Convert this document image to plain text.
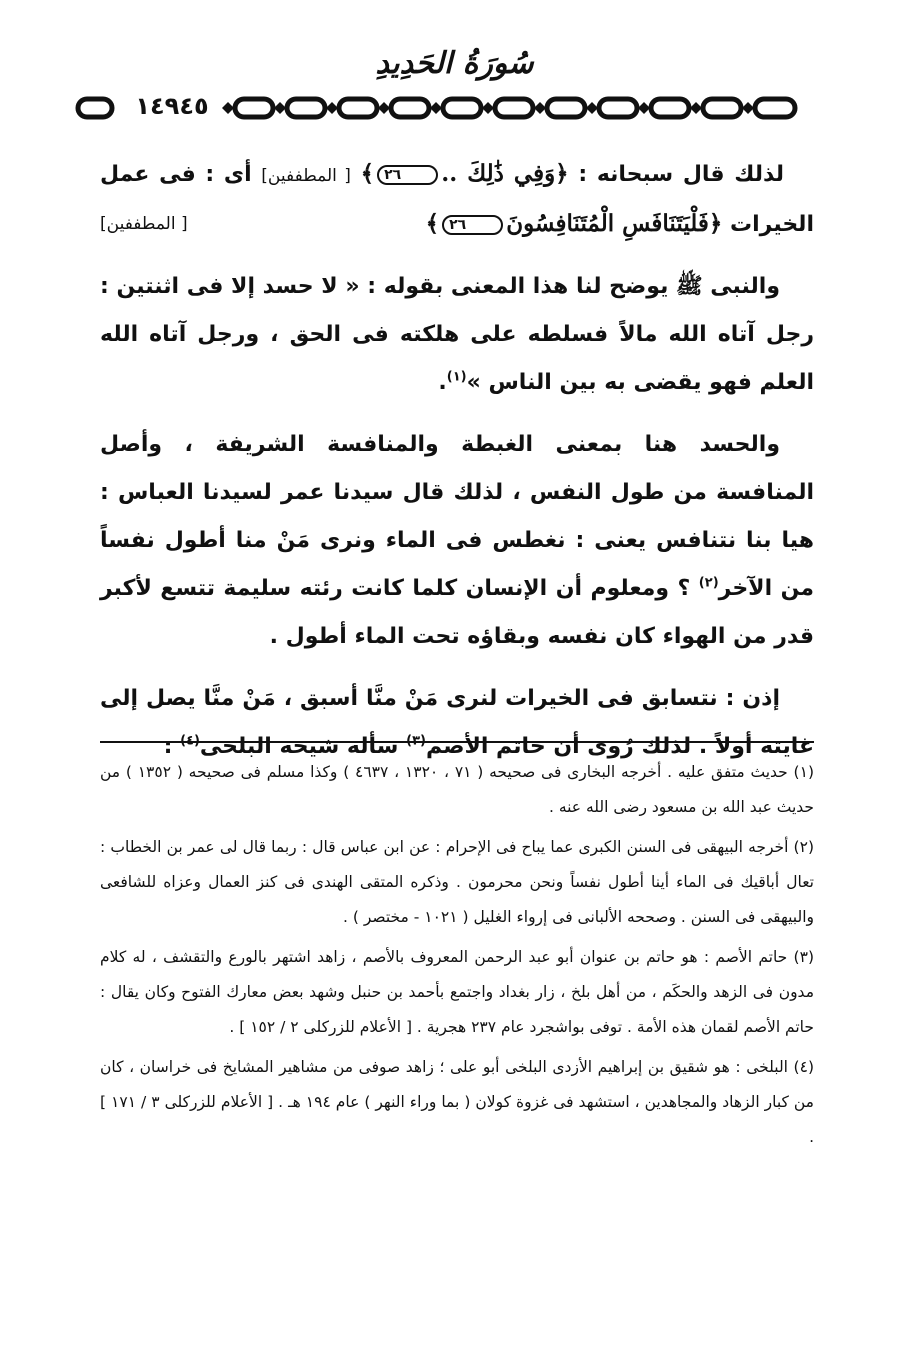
سُورَةُ الحَدِيدِ
١٤٩٤٥

لذلك قال سبحانه : ﴿وَفِي ذَٰلِكَ ..٢٦﴾ [ المطففين] أى : فى عمل الخيرات ﴿فَلْيَتَنَافَسِ الْمُتَنَافِسُونَ٢٦﴾
[ المطففين]

والنبى ﷺ يوضح لنا هذا المعنى بقوله : « لا حسد إلا فى اثنتين : رجل آتاه الله مالاً فسلطه على هلكته فى الحق ، ورجل آتاه الله العلم فهو يقضى به بين الناس »$^{(١)}$.

والحسد هنا بمعنى الغبطة والمنافسة الشريفة ، وأصل المنافسة من طول النفس ، لذلك قال سيدنا عمر لسيدنا العباس : هيا بنا نتنافس يعنى : نغطس فى الماء ونرى مَنْ منا أطول نفساً من الآخر$^{(٢)}$ ؟ ومعلوم أن الإنسان كلما كانت رئته سليمة تتسع لأكبر قدر من الهواء كان نفسه وبقاؤه تحت الماء أطول .

إذن : نتسابق فى الخيرات لنرى مَنْ منَّا أسبق ، مَنْ منَّا يصل إلى غايته أولاً . لذلك رُوى أن حاتم الأصم$^{(٣)}$ سأله شيخه البلخى$^{(٤)}$ :

(١) حديث متفق عليه . أخرجه البخارى فى صحيحه ( ٧١ ، ١٣٢٠ ، ٤٦٣٧ ) وكذا مسلم فى صحيحه ( ١٣٥٢ ) من حديث عبد الله بن مسعود رضى الله عنه .

(٢) أخرجه البيهقى فى السنن الكبرى عما يباح فى الإحرام : عن ابن عباس قال : ربما قال لى عمر بن الخطاب : تعال أباقيك فى الماء أينا أطول نفساً ونحن محرمون . وذكره المتقى الهندى فى كنز العمال وعزاه للشافعى والبيهقى فى السنن . وصححه الألبانى فى إرواء الغليل ( ١٠٢١ - مختصر ) .

(٣) حاتم الأصم : هو حاتم بن عنوان أبو عبد الرحمن المعروف بالأصم ، زاهد اشتهر بالورع والتقشف ، له كلام مدون فى الزهد والحكَم ، من أهل بلخ ، زار بغداد واجتمع بأحمد بن حنبل وشهد بعض معارك الفتوح وكان يقال : حاتم الأصم لقمان هذه الأمة . توفى بواشجرد عام ٢٣٧ هجرية . [ الأعلام للزركلى ٢ / ١٥٢ ] .

(٤) البلخى : هو شقيق بن إبراهيم الأزدى البلخى أبو على ؛ زاهد صوفى من مشاهير المشايخ فى خراسان ، كان من كبار الزهاد والمجاهدين ، استشهد فى غزوة كولان ( بما وراء النهر ) عام ١٩٤ هـ . [ الأعلام للزركلى ٣ / ١٧١ ] .
